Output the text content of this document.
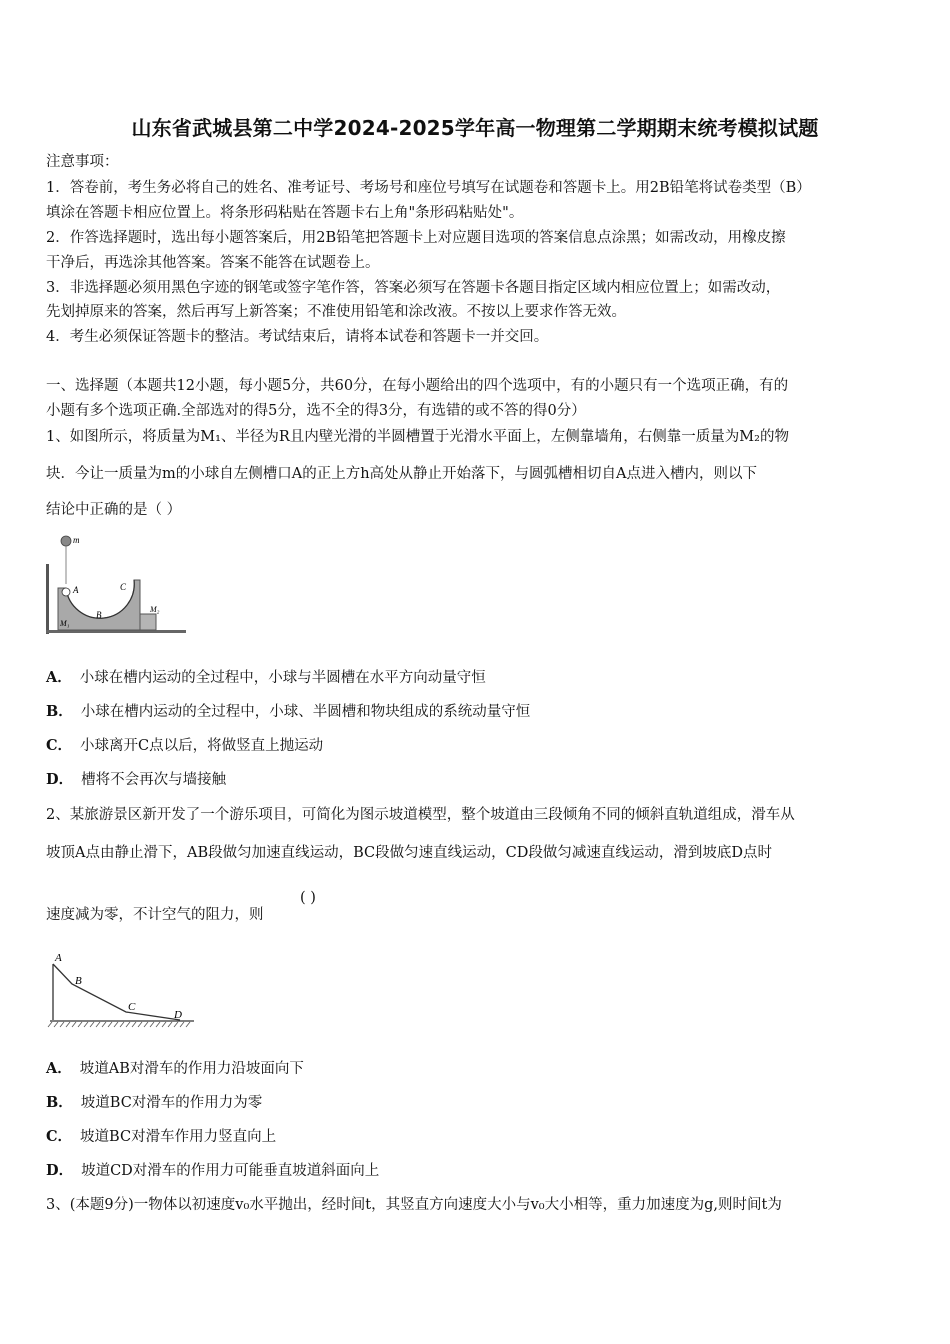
山东省武城县第二中学2024-2025学年高一物理第二学期期末统考模拟试题
注意事项：
1．答卷前，考生务必将自己的姓名、准考证号、考场号和座位号填写在试题卷和答题卡上。用2B铅笔将试卷类型（B）
填涂在答题卡相应位置上。将条形码粘贴在答题卡右上角"条形码粘贴处"。
2．作答选择题时，选出每小题答案后，用2B铅笔把答题卡上对应题目选项的答案信息点涂黑；如需改动，用橡皮擦
干净后，再选涂其他答案。答案不能答在试题卷上。
3．非选择题必须用黑色字迹的钢笔或签字笔作答，答案必须写在答题卡各题目指定区域内相应位置上；如需改动，
先划掉原来的答案，然后再写上新答案；不准使用铅笔和涂改液。不按以上要求作答无效。
4．考生必须保证答题卡的整洁。考试结束后，请将本试卷和答题卡一并交回。
一、选择题（本题共12小题，每小题5分，共60分，在每小题给出的四个选项中，有的小题只有一个选项正确，有的
小题有多个选项正确.全部选对的得5分，选不全的得3分，有选错的或不答的得0分）
1、如图所示，将质量为M₁、半径为R且内壁光滑的半圆槽置于光滑水平面上，左侧靠墙角，右侧靠一质量为M₂的物
块．今让一质量为m的小球自左侧槽口A的正上方h高处从静止开始落下，与圆弧槽相切自A点进入槽内，则以下
结论中正确的是（ ）
m
A
B
C
M₁
M₂
A． 小球在槽内运动的全过程中，小球与半圆槽在水平方向动量守恒
B． 小球在槽内运动的全过程中，小球、半圆槽和物块组成的系统动量守恒
C． 小球离开C点以后，将做竖直上抛运动
D． 槽将不会再次与墙接触
2、某旅游景区新开发了一个游乐项目，可简化为图示坡道模型，整个坡道由三段倾角不同的倾斜直轨道组成，滑车从
坡顶A点由静止滑下，AB段做匀加速直线运动，BC段做匀速直线运动，CD段做匀减速直线运动，滑到坡底D点时
速度减为零，不计空气的阻力，则
( )
A
B
C
D
A． 坡道AB对滑车的作用力沿坡面向下
B． 坡道BC对滑车的作用力为零
C． 坡道BC对滑车作用力竖直向上
D． 坡道CD对滑车的作用力可能垂直坡道斜面向上
3、(本题9分)一物体以初速度v₀水平抛出，经时间t，其竖直方向速度大小与v₀大小相等，重力加速度为g,则时间t为
